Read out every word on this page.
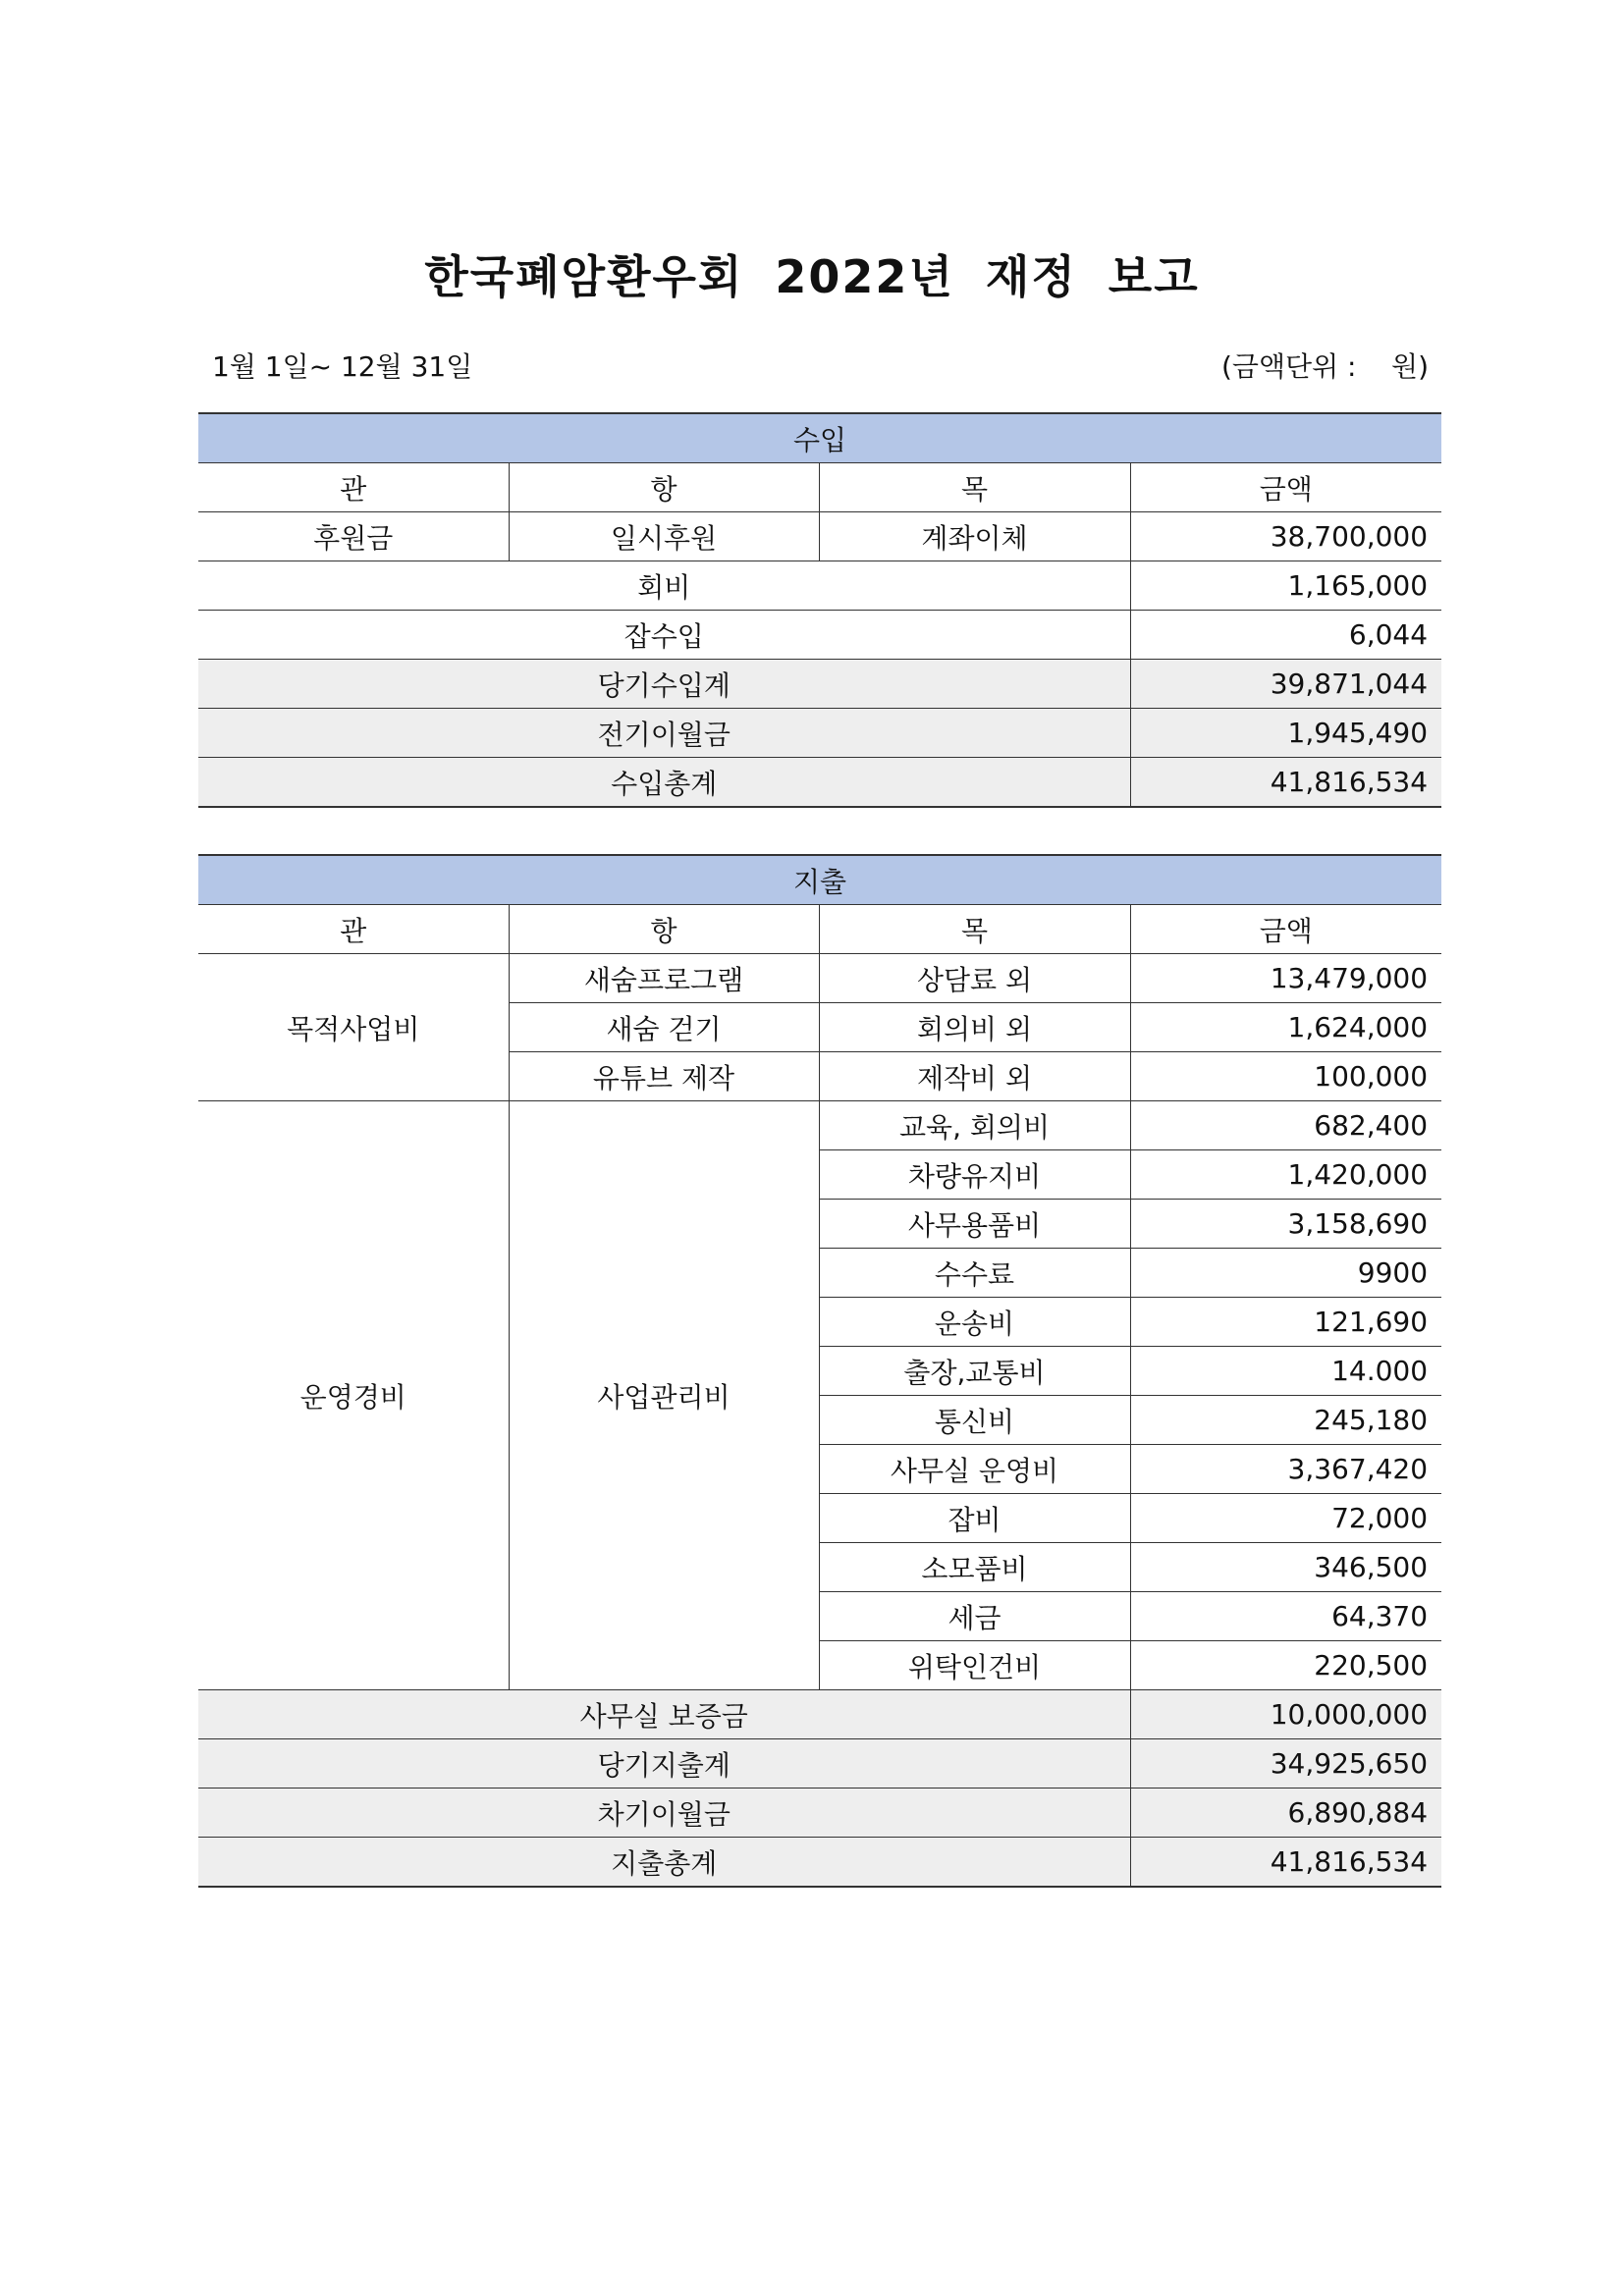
한국폐암환우회 2022년 재정 보고
1월 1일~ 12월 31일	(금액단위 :    원)
수입			
관	항	목	금액
후원금	일시후원	계좌이체	38,700,000
회비			1,165,000
잡수입			6,044
당기수입계			39,871,044
전기이월금			1,945,490
수입총계			41,816,534
지출			
관	항	목	금액
목적사업비	새숨프로그램	상담료 외	13,479,000
	새숨 걷기	회의비 외	1,624,000
	유튜브 제작	제작비 외	100,000
운영경비	사업관리비	교육, 회의비	682,400
		차량유지비	1,420,000
		사무용품비	3,158,690
		수수료	9900
		운송비	121,690
		출장,교통비	14.000
		통신비	245,180
		사무실 운영비	3,367,420
		잡비	72,000
		소모품비	346,500
		세금	64,370
		위탁인건비	220,500
사무실 보증금			10,000,000
당기지출계			34,925,650
차기이월금			6,890,884
지출총계			41,816,534
